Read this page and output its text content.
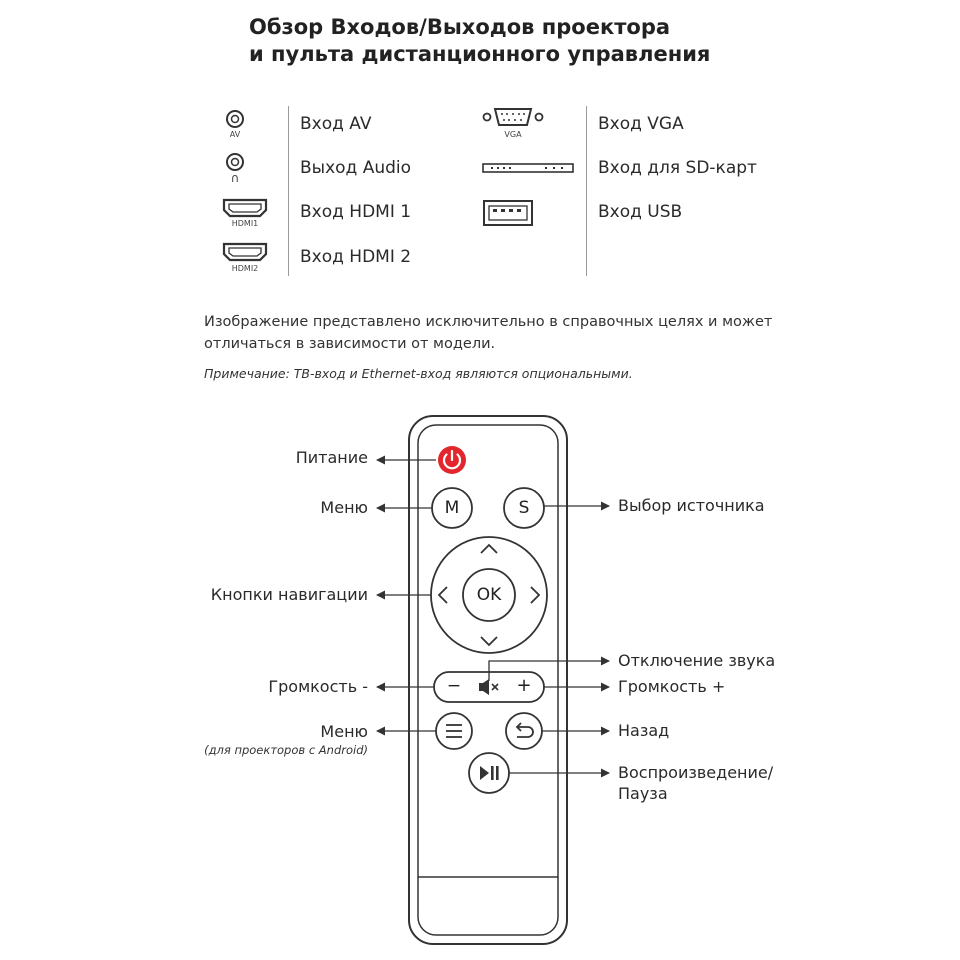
Обзор Входов/Выходов проектора
и пульта дистанционного управления
AV
∩
HDMI1
HDMI2
Вход AV
Выход Audio
Вход HDMI 1
Вход HDMI 2
VGA
Вход VGA
Вход для SD-карт
Вход USB
Изображение представлено исключительно в справочных целях и может
отличаться в зависимости от модели.
Примечание: ТВ-вход и Ethernet-вход являются опциональными.
M	S
OK
−	+
Питание
Меню
Кнопки навигации
Громкость -
Меню
(для проекторов с Android)
Выбор источника
Отключение звука
Громкость +
Назад
Воспроизведение/
Пауза
